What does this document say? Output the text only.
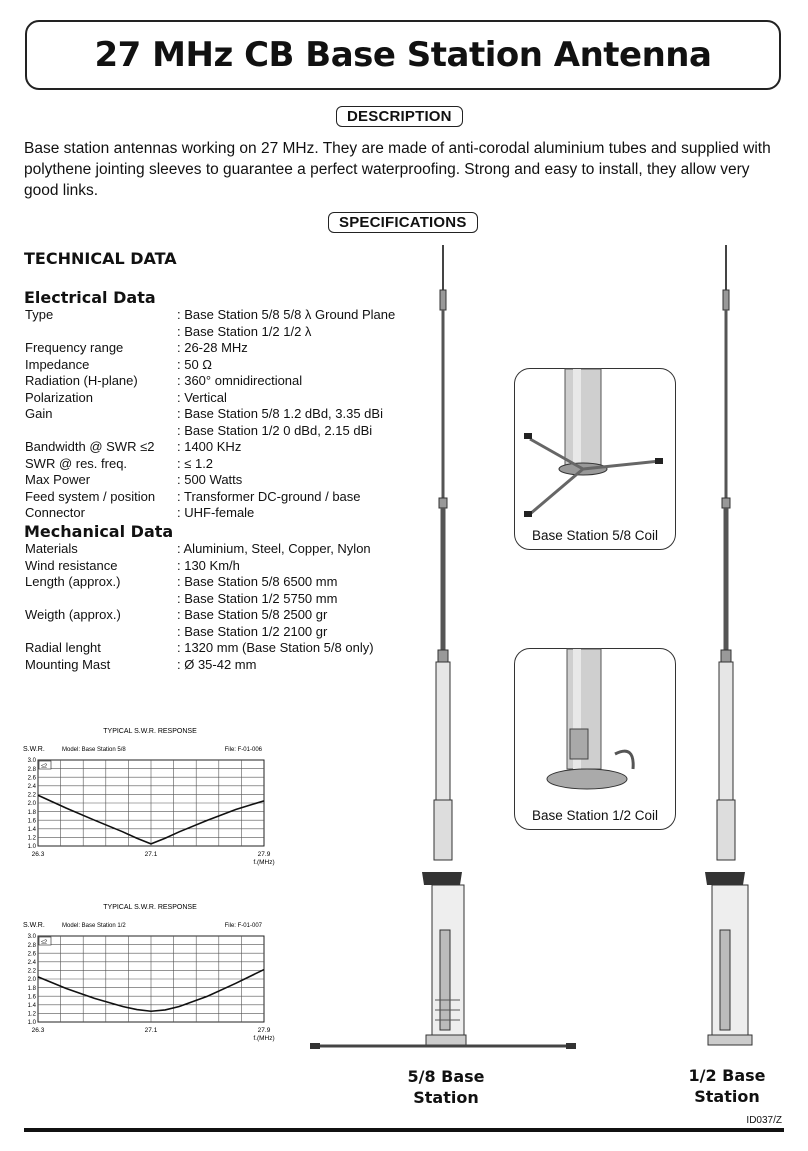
27 MHz CB Base Station Antenna
DESCRIPTION
Base station antennas working on 27 MHz. They are made of anti-corodal aluminium tubes and supplied with polythene jointing sleeves to guarantee a perfect waterproofing. Strong and easy to install, they allow very good links.
SPECIFICATIONS
TECHNICAL DATA
Electrical Data
Type	: Base Station 5/8 5/8 λ Ground Plane
: Base Station 1/2 1/2 λ
Frequency range	: 26-28 MHz
Impedance	: 50 Ω
Radiation (H-plane)	: 360° omnidirectional
Polarization	: Vertical
Gain	: Base Station 5/8 1.2 dBd, 3.35 dBi
: Base Station 1/2 0 dBd, 2.15 dBi
Bandwidth @ SWR ≤2 : 1400 KHz
SWR @ res. freq.	: ≤ 1.2
Max Power	: 500 Watts
Feed system / position : Transformer DC-ground / base
Connector	: UHF-female
Mechanical Data
Materials	: Aluminium, Steel, Copper, Nylon
Wind resistance	: 130 Km/h
Length (approx.)	: Base Station 5/8 6500 mm
: Base Station 1/2 5750 mm
Weigth (approx.)	: Base Station 5/8 2500 gr
: Base Station 1/2 2100 gr
Radial lenght	: 1320 mm (Base Station 5/8 only)
Mounting Mast	: Ø 35-42 mm
TYPICAL S.W.R. RESPONSE
S.W.R.	Model: Base Station 5/8	File: F-01-006
1.0
1.2
1.4
1.6
1.8
2.0
2.2
2.4
2.6
2.8
3.0
≤2
26.3	27.1	27.9
f.(MHz)
TYPICAL S.W.R. RESPONSE
S.W.R.	Model: Base Station 1/2	File: F-01-007
1.0
1.2
1.4
1.6
1.8
2.0
2.2
2.4
2.6
2.8
3.0
≤2
26.3	27.1	27.9
f.(MHz)
Base Station 5/8 Coil
Base Station 1/2 Coil
5/8 Base
Station
1/2 Base
Station
ID037/Z
